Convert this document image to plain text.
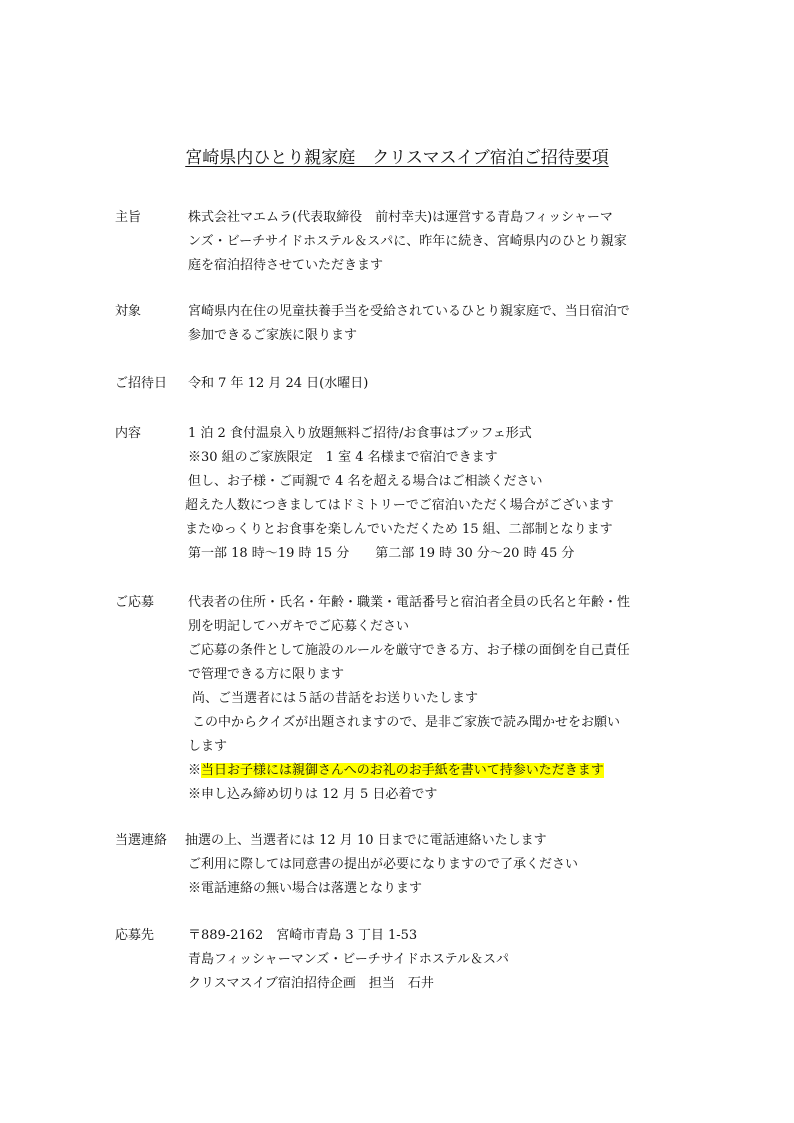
宮崎県内ひとり親家庭　クリスマスイブ宿泊ご招待要項
主旨	株式会社マエムラ(代表取締役　前村幸夫)は運営する青島フィッシャーマ
ンズ・ビーチサイドホステル＆スパに、昨年に続き、宮崎県内のひとり親家
庭を宿泊招待させていただきます
対象	宮崎県内在住の児童扶養手当を受給されているひとり親家庭で、当日宿泊で
参加できるご家族に限ります
ご招待日 令和 7 年 12 月 24 日(水曜日)
内容	1 泊 2 食付温泉入り放題無料ご招待/お食事はブッフェ形式
※30 組のご家族限定　1 室 4 名様まで宿泊できます
但し、お子様・ご両親で 4 名を超える場合はご相談ください
超えた人数につきましてはドミトリーでご宿泊いただく場合がございます
またゆっくりとお食事を楽しんでいただくため 15 組、二部制となります
第一部 18 時〜19 時 15 分　　第二部 19 時 30 分〜20 時 45 分
ご応募	代表者の住所・氏名・年齢・職業・電話番号と宿泊者全員の氏名と年齢・性
別を明記してハガキでご応募ください
ご応募の条件として施設のルールを厳守できる方、お子様の面倒を自己責任
で管理できる方に限ります
尚、ご当選者には５話の昔話をお送りいたします
この中からクイズが出題されますので、是非ご家族で読み聞かせをお願い
します
※当日お子様には親御さんへのお礼のお手紙を書いて持参いただきます
※申し込み締め切りは 12 月 5 日必着です
当選連絡 抽選の上、当選者には 12 月 10 日までに電話連絡いたします
ご利用に際しては同意書の提出が必要になりますので了承ください
※電話連絡の無い場合は落選となります
応募先	〒889-2162　宮崎市青島 3 丁目 1-53
青島フィッシャーマンズ・ビーチサイドホステル＆スパ
クリスマスイブ宿泊招待企画　担当　石井
